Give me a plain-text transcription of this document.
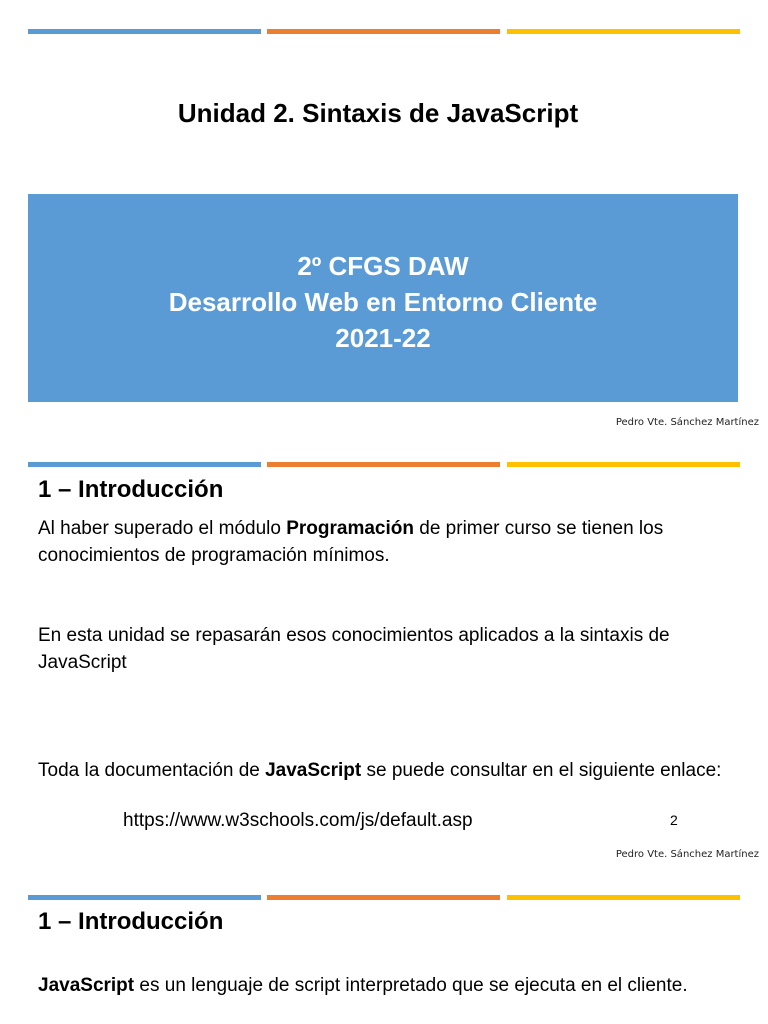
Unidad 2. Sintaxis de JavaScript
2º CFGS DAW
Desarrollo Web en Entorno Cliente
2021-22
Pedro Vte. Sánchez Martínez
1 – Introducción
Al haber superado el módulo Programación de primer curso se tienen los conocimientos de programación mínimos.
En esta unidad se repasarán esos conocimientos aplicados a la sintaxis de JavaScript
Toda la documentación de JavaScript se puede consultar en el siguiente enlace:
https://www.w3schools.com/js/default.asp	2
Pedro Vte. Sánchez Martínez
1 – Introducción
JavaScript es un lenguaje de script interpretado que se ejecuta en el cliente.
